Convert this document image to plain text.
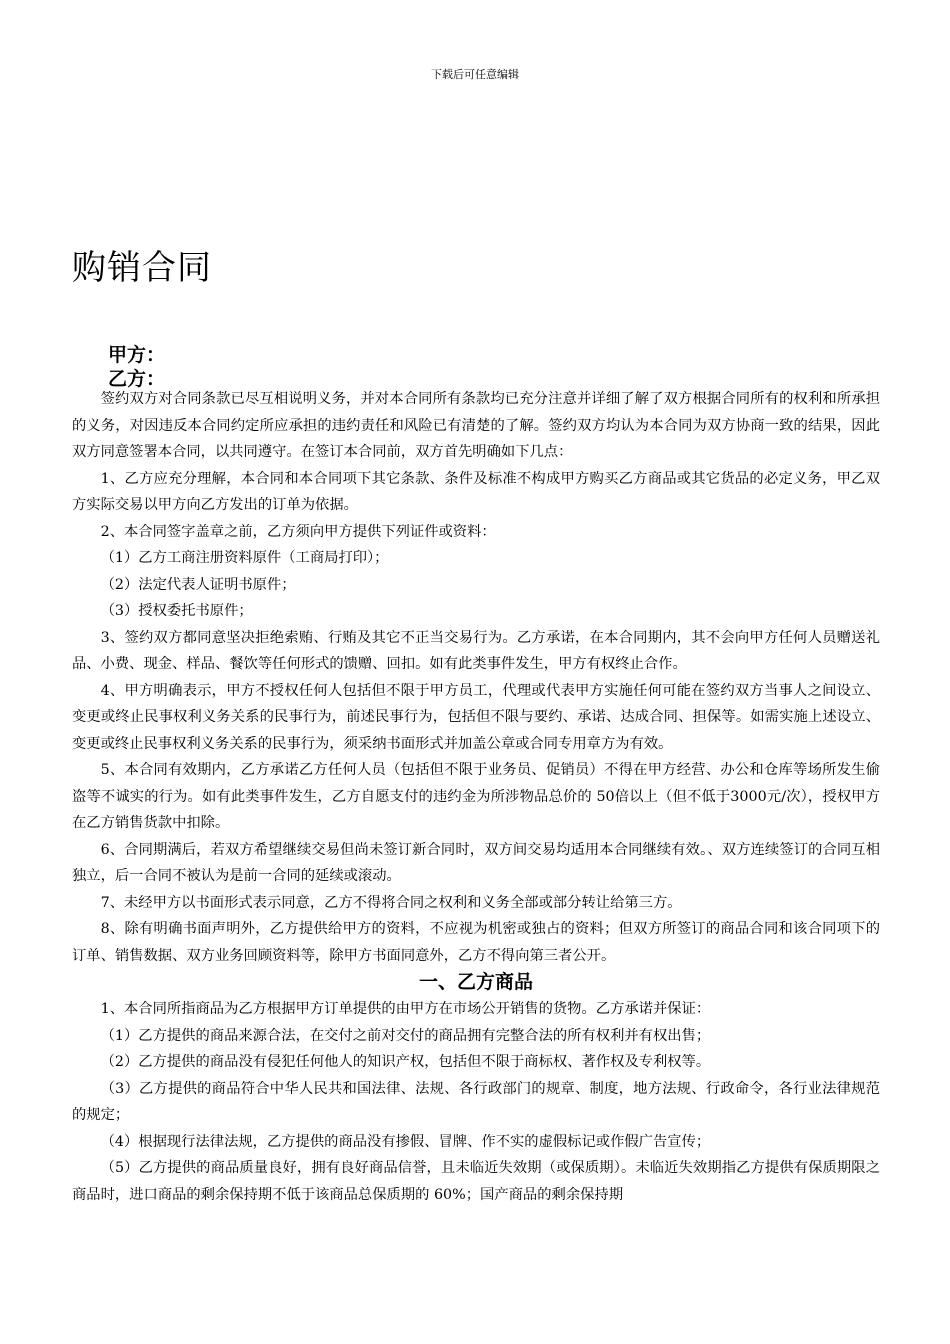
下载后可任意编辑
购销合同
甲方：
乙方：

签约双方对合同条款已尽互相说明义务，并对本合同所有条款均已充分注意并详细了解了双方根据合同所有的权利和所承担的义务，对因违反本合同约定所应承担的违约责任和风险已有清楚的了解。签约双方均认为本合同为双方协商一致的结果，因此双方同意签署本合同，以共同遵守。在签订本合同前，双方首先明确如下几点：

1、乙方应充分理解，本合同和本合同项下其它条款、条件及标准不构成甲方购买乙方商品或其它货品的必定义务，甲乙双方实际交易以甲方向乙方发出的订单为依据。

2、本合同签字盖章之前，乙方须向甲方提供下列证件或资料：

（1）乙方工商注册资料原件（工商局打印）；

（2）法定代表人证明书原件；

（3）授权委托书原件；

3、签约双方都同意坚决拒绝索贿、行贿及其它不正当交易行为。乙方承诺，在本合同期内，其不会向甲方任何人员赠送礼品、小费、现金、样品、餐饮等任何形式的馈赠、回扣。如有此类事件发生，甲方有权终止合作。

4、甲方明确表示，甲方不授权任何人包括但不限于甲方员工，代理或代表甲方实施任何可能在签约双方当事人之间设立、变更或终止民事权利义务关系的民事行为，前述民事行为，包括但不限与要约、承诺、达成合同、担保等。如需实施上述设立、变更或终止民事权利义务关系的民事行为，须采纳书面形式并加盖公章或合同专用章方为有效。

5、本合同有效期内，乙方承诺乙方任何人员（包括但不限于业务员、促销员）不得在甲方经营、办公和仓库等场所发生偷盗等不诚实的行为。如有此类事件发生，乙方自愿支付的违约金为所涉物品总价的 50倍以上（但不低于3000元/次），授权甲方在乙方销售货款中扣除。

6、合同期满后，若双方希望继续交易但尚未签订新合同时，双方间交易均适用本合同继续有效。、双方连续签订的合同互相独立，后一合同不被认为是前一合同的延续或滚动。

7、未经甲方以书面形式表示同意，乙方不得将合同之权利和义务全部或部分转让给第三方。

8、除有明确书面声明外，乙方提供给甲方的资料，不应视为机密或独占的资料；但双方所签订的商品合同和该合同项下的订单、销售数据、双方业务回顾资料等，除甲方书面同意外，乙方不得向第三者公开。

一、乙方商品

1、本合同所指商品为乙方根据甲方订单提供的由甲方在市场公开销售的货物。乙方承诺并保证：

（1）乙方提供的商品来源合法，在交付之前对交付的商品拥有完整合法的所有权利并有权出售；

（2）乙方提供的商品没有侵犯任何他人的知识产权，包括但不限于商标权、著作权及专利权等。

（3）乙方提供的商品符合中华人民共和国法律、法规、各行政部门的规章、制度，地方法规、行政命令，各行业法律规范的规定；

（4）根据现行法律法规，乙方提供的商品没有掺假、冒牌、作不实的虚假标记或作假广告宣传；

（5）乙方提供的商品质量良好，拥有良好商品信誉，且未临近失效期（或保质期）。未临近失效期指乙方提供有保质期限之商品时，进口商品的剩余保持期不低于该商品总保质期的 60%；国产商品的剩余保持期
